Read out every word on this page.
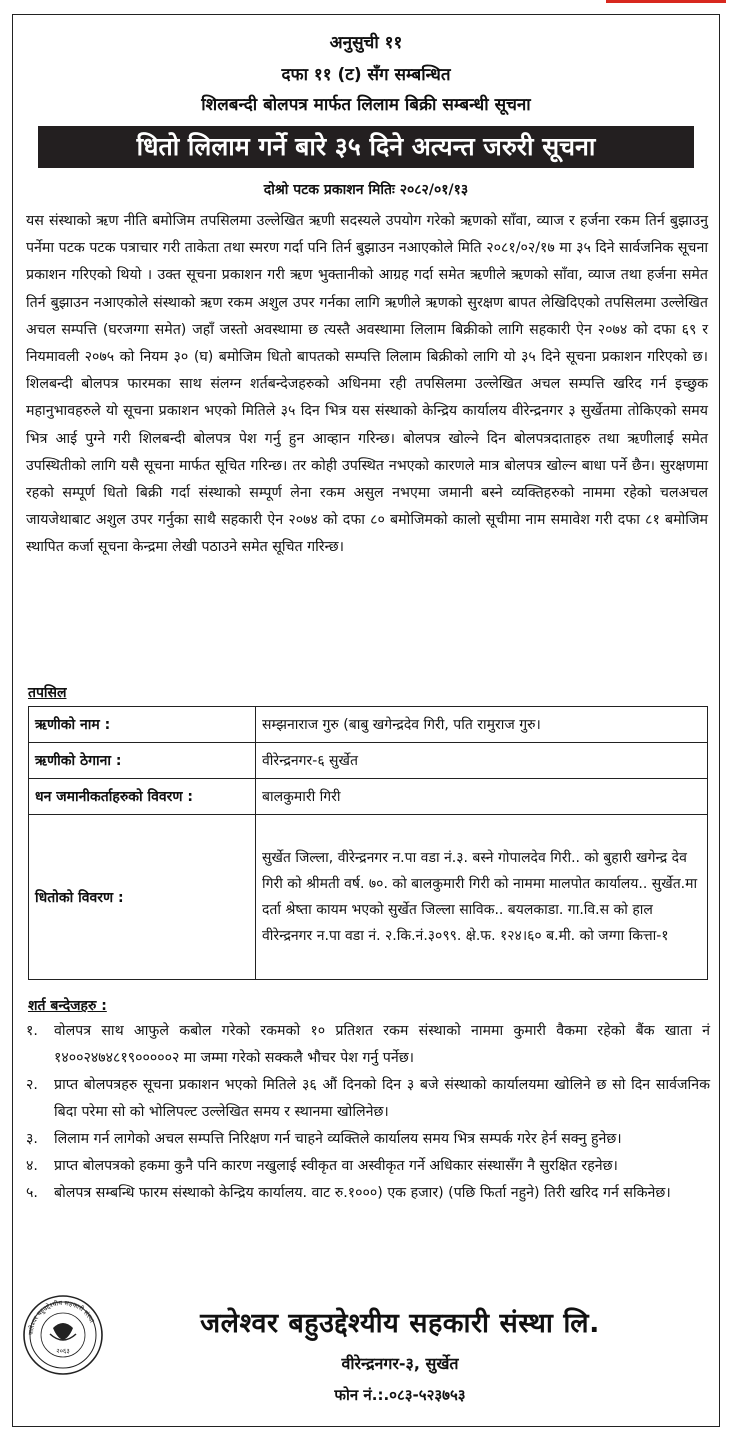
अनुसुची ११
दफा ११ (ट) सँग सम्बन्धित
शिलबन्दी बोलपत्र मार्फत लिलाम बिक्री सम्बन्धी सूचना
धितो लिलाम गर्ने बारे ३५ दिने अत्यन्त जरुरी सूचना
दोश्रो पटक प्रकाशन मितिः २०८२/०१/१३

यस संस्थाको ऋण नीति बमोजिम तपसिलमा उल्लेखित ऋणी सदस्यले उपयोग गरेको ऋणको साँवा, व्याज र हर्जना रकम तिर्न बुझाउनु पर्नेमा पटक पटक पत्राचार गरी ताकेता तथा स्मरण गर्दा पनि तिर्न बुझाउन नआएकोले मिति २०८१/०२/१७ मा ३५ दिने सार्वजनिक सूचना प्रकाशन गरिएको थियो । उक्त सूचना प्रकाशन गरी ऋण भुक्तानीको आग्रह गर्दा समेत ऋणीले ऋणको साँवा, व्याज तथा हर्जना समेत तिर्न बुझाउन नआएकोले संस्थाको ऋण रकम अशुल उपर गर्नका लागि ऋणीले ऋणको सुरक्षण बापत लेखिदिएको तपसिलमा उल्लेखित अचल सम्पत्ति (घरजग्गा समेत) जहाँ जस्तो अवस्थामा छ त्यस्तै अवस्थामा लिलाम बिक्रीको लागि सहकारी ऐन २०७४ को दफा ६९ र नियमावली २०७५ को नियम ३० (घ) बमोजिम धितो बापतको सम्पत्ति लिलाम बिक्रीको लागि यो ३५ दिने सूचना प्रकाशन गरिएको छ। शिलबन्दी बोलपत्र फारमका साथ संलग्न शर्तबन्देजहरुको अधिनमा रही तपसिलमा उल्लेखित अचल सम्पत्ति खरिद गर्न इच्छुक महानुभावहरुले यो सूचना प्रकाशन भएको मितिले ३५ दिन भित्र यस संस्थाको केन्द्रिय कार्यालय वीरेन्द्रनगर ३ सुर्खेतमा तोकिएको समय भित्र आई पुग्ने गरी शिलबन्दी बोलपत्र पेश गर्नु हुन आव्हान गरिन्छ। बोलपत्र खोल्ने दिन बोलपत्रदाताहरु तथा ऋणीलाई समेत उपस्थितीको लागि यसै सूचना मार्फत सूचित गरिन्छ। तर कोही उपस्थित नभएको कारणले मात्र बोलपत्र खोल्न बाधा पर्ने छैन। सुरक्षणमा रहको सम्पूर्ण धितो बिक्री गर्दा संस्थाको सम्पूर्ण लेना रकम असुल नभएमा जमानी बस्ने व्यक्तिहरुको नाममा रहेको चलअचल जायजेथाबाट अशुल उपर गर्नुका साथै सहकारी ऐन २०७४ को दफा ८० बमोजिमको कालो सूचीमा नाम समावेश गरी दफा ८१ बमोजिम स्थापित कर्जा सूचना केन्द्रमा लेखी पठाउने समेत सूचित गरिन्छ।

तपसिल
ऋणीको नाम :	सम्झनाराज गुरु (बाबु खगेन्द्रदेव गिरी, पति रामुराज गुरु।
ऋणीको ठेगाना :	वीरेन्द्रनगर-६ सुर्खेत
धन जमानीकर्ताहरुको विवरण :	बालकुमारी गिरी
धितोको विवरण :	सुर्खेत जिल्ला, वीरेन्द्रनगर न.पा वडा नं.३. बस्ने गोपालदेव गिरी.. को बुहारी खगेन्द्र देव गिरी को श्रीमती वर्ष. ७०. को बालकुमारी गिरी को नाममा मालपोत कार्यालय.. सुर्खेत.मा दर्ता श्रेष्ता कायम भएको सुर्खेत जिल्ला साविक.. बयलकाडा. गा.वि.स को हाल वीरेन्द्रनगर न.पा वडा नं. २.कि.नं.३०९९. क्षे.फ. १२४।६० ब.मी. को जग्गा कित्ता-१
शर्त बन्देजहरु :
१.	वोलपत्र साथ आफुले कबोल गरेको रकमको १० प्रतिशत रकम संस्थाको नाममा कुमारी वैकमा रहेको बैंक खाता नं १४००२४७४८१९०००००२ मा जम्मा गरेको सक्कलै भौचर पेश गर्नु पर्नेछ।
२.	प्राप्त बोलपत्रहरु सूचना प्रकाशन भएको मितिले ३६ औं दिनको दिन ३ बजे संस्थाको कार्यालयमा खोलिने छ सो दिन सार्वजनिक बिदा परेमा सो को भोलिपल्ट उल्लेखित समय र स्थानमा खोलिनेछ।
३.	लिलाम गर्न लागेको अचल सम्पत्ति निरिक्षण गर्न चाहने व्यक्तिले कार्यालय समय भित्र सम्पर्क गरेर हेर्न सक्नु हुनेछ।
४.	प्राप्त बोलपत्रको हकमा कुनै पनि कारण नखुलाई स्वीकृत वा अस्वीकृत गर्ने अधिकार संस्थासँग नै सुरक्षित रहनेछ।
५.	बोलपत्र सम्बन्धि फारम संस्थाको केन्द्रिय कार्यालय. वाट रु.१०००) एक हजार) (पछि फिर्ता नहुने) तिरी खरिद गर्न सकिनेछ।
जलेश्वर बहुउद्देश्यीय सहकारी संस्था
२०६३
जलेश्वर बहुउद्देश्यीय सहकारी संस्था लि.
वीरेन्द्रनगर-३, सुर्खेत
फोन नं.:.०८३-५२३७५३
